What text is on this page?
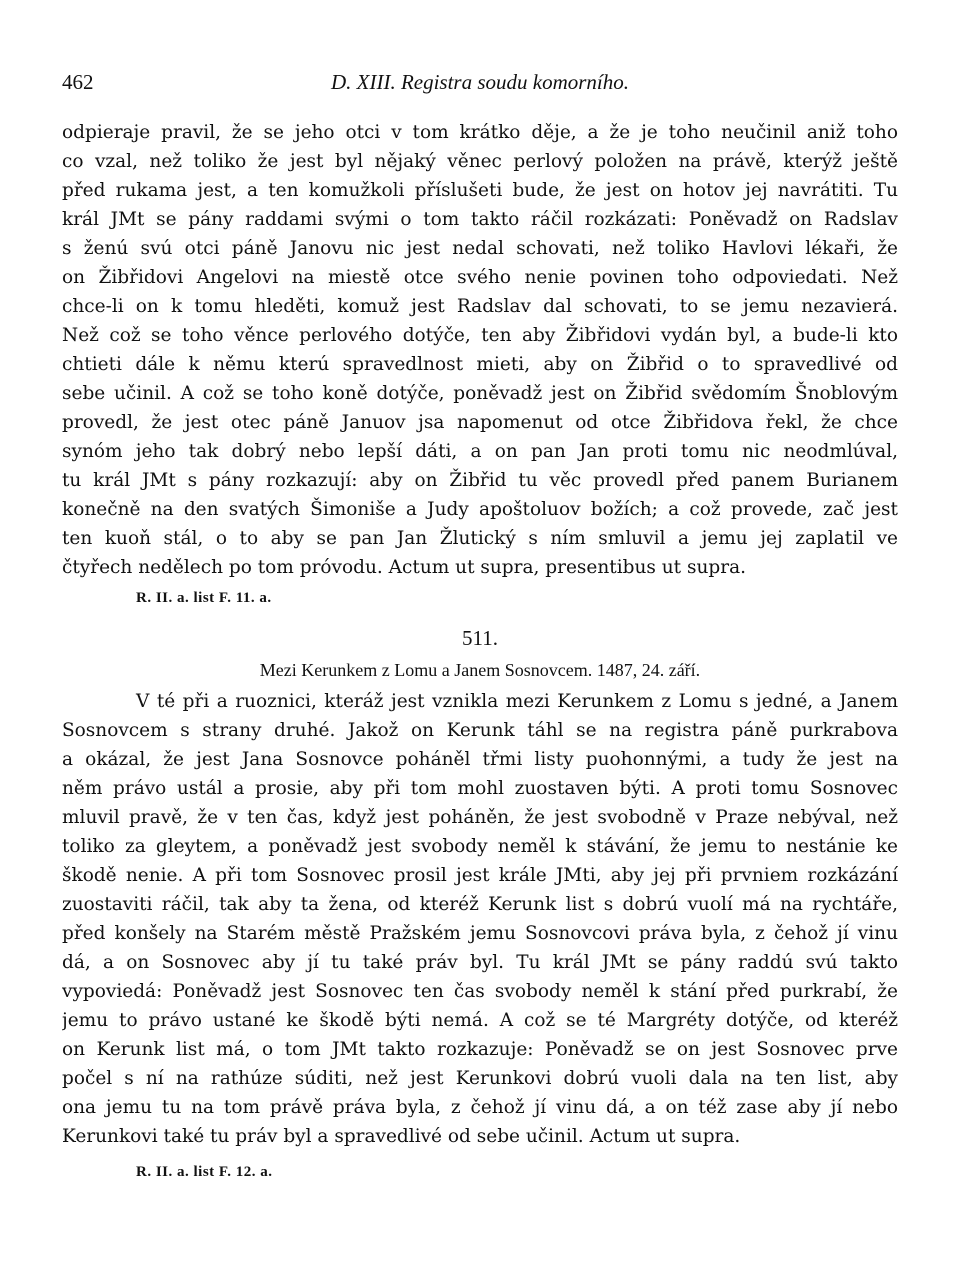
462	D. XIII. Registra soudu komorního.
odpieraje pravil, že se jeho otci v tom krátko děje, a že je toho neučinil aniž toho
co vzal, než toliko že jest byl nějaký věnec perlový položen na právě, kterýž ještě
před rukama jest, a ten komužkoli příslušeti bude, že jest on hotov jej navrátiti. Tu
král JMt se pány raddami svými o tom takto ráčil rozkázati: Poněvadž on Radslav
s ženú svú otci páně Janovu nic jest nedal schovati, než toliko Havlovi lékaři, že
on Žibřidovi Angelovi na miestě otce svého nenie povinen toho odpoviedati. Než
chce-li on k tomu hleděti, komuž jest Radslav dal schovati, to se jemu nezavierá.
Než což se toho věnce perlového dotýče, ten aby Žibřidovi vydán byl, a bude-li kto
chtieti dále k němu kterú spravedlnost mieti, aby on Žibřid o to spravedlivé od
sebe učinil. A což se toho koně dotýče, poněvadž jest on Žibřid svědomím Šnoblovým
provedl, že jest otec páně Januov jsa napomenut od otce Žibřidova řekl, že chce
synóm jeho tak dobrý nebo lepší dáti, a on pan Jan proti tomu nic neodmlúval,
tu král JMt s pány rozkazují: aby on Žibřid tu věc provedl před panem Burianem
konečně na den svatých Šimoniše a Judy apoštoluov božích; a což provede, zač jest
ten kuoň stál, o to aby se pan Jan Žlutický s ním smluvil a jemu jej zaplatil ve
čtyřech nedělech po tom próvodu. Actum ut supra, presentibus ut supra.
R. II. a. list F. 11. a.
511.
Mezi Kerunkem z Lomu a Janem Sosnovcem. 1487, 24. září.
V té při a ruoznici, kteráž jest vznikla mezi Kerunkem z Lomu s jedné, a Janem
Sosnovcem s strany druhé. Jakož on Kerunk táhl se na registra páně purkrabova
a okázal, že jest Jana Sosnovce poháněl třmi listy puohonnými, a tudy že jest na
něm právo ustál a prosie, aby při tom mohl zuostaven býti. A proti tomu Sosnovec
mluvil pravě, že v ten čas, když jest poháněn, že jest svobodně v Praze nebýval, než
toliko za gleytem, a poněvadž jest svobody neměl k stávání, že jemu to nestánie ke
škodě nenie. A při tom Sosnovec prosil jest krále JMti, aby jej při prvniem rozkázání
zuostaviti ráčil, tak aby ta žena, od kteréž Kerunk list s dobrú vuolí má na rychtáře,
před konšely na Starém městě Pražském jemu Sosnovcovi práva byla, z čehož jí vinu
dá, a on Sosnovec aby jí tu také práv byl. Tu král JMt se pány raddú svú takto
vypoviedá: Poněvadž jest Sosnovec ten čas svobody neměl k stání před purkrabí, že
jemu to právo ustané ke škodě býti nemá. A což se té Margréty dotýče, od kteréž
on Kerunk list má, o tom JMt takto rozkazuje: Poněvadž se on jest Sosnovec prve
počel s ní na rathúze súditi, než jest Kerunkovi dobrú vuoli dala na ten list, aby
ona jemu tu na tom právě práva byla, z čehož jí vinu dá, a on též zase aby jí nebo
Kerunkovi také tu práv byl a spravedlivé od sebe učinil. Actum ut supra.
R. II. a. list F. 12. a.
